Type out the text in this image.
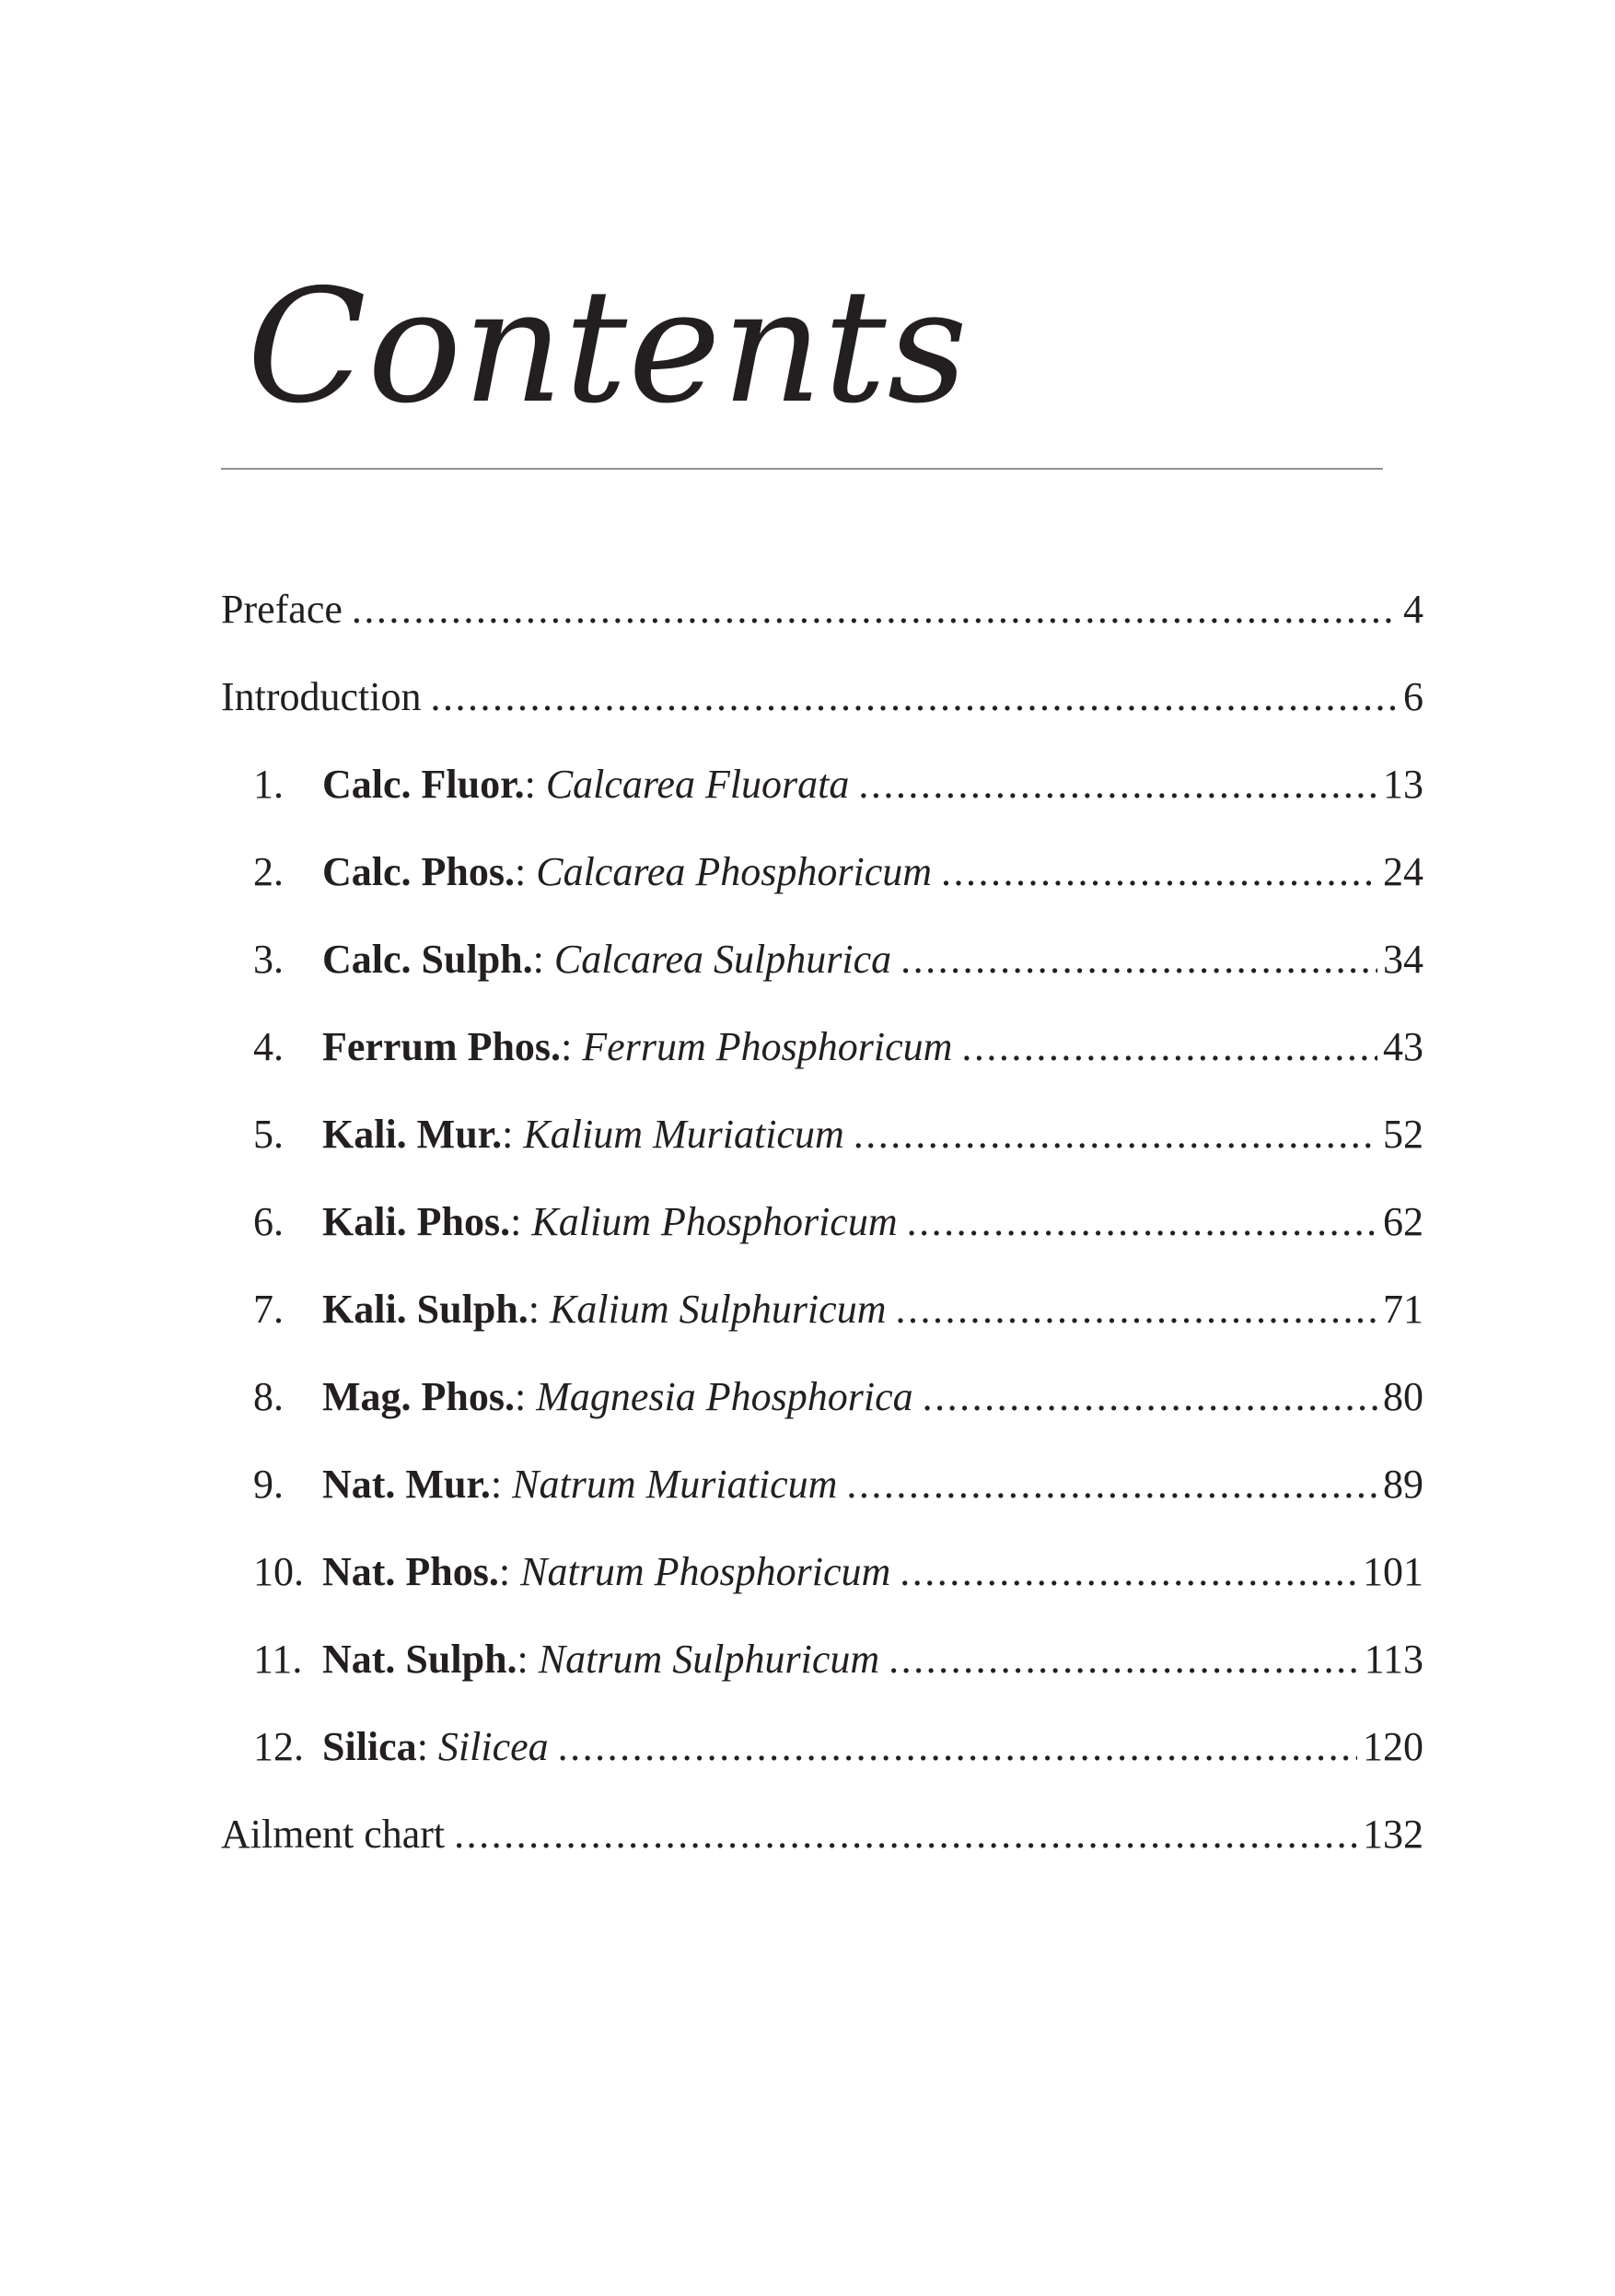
Contents
Preface .....	4
Introduction .....	6
1. Calc. Fluor.: Calcarea Fluorata .....	13
2. Calc. Phos.: Calcarea Phosphoricum .....	24
3. Calc. Sulph.: Calcarea Sulphurica .....	34
4. Ferrum Phos.: Ferrum Phosphoricum .....	43
5. Kali. Mur.: Kalium Muriaticum .....	52
6. Kali. Phos.: Kalium Phosphoricum .....	62
7. Kali. Sulph.: Kalium Sulphuricum .....	71
8. Mag. Phos.: Magnesia Phosphorica .....	80
9. Nat. Mur.: Natrum Muriaticum .....	89
10. Nat. Phos.: Natrum Phosphoricum .....	101
11. Nat. Sulph.: Natrum Sulphuricum .....	113
12. Silica: Silicea .....	120
Ailment chart .....	132
